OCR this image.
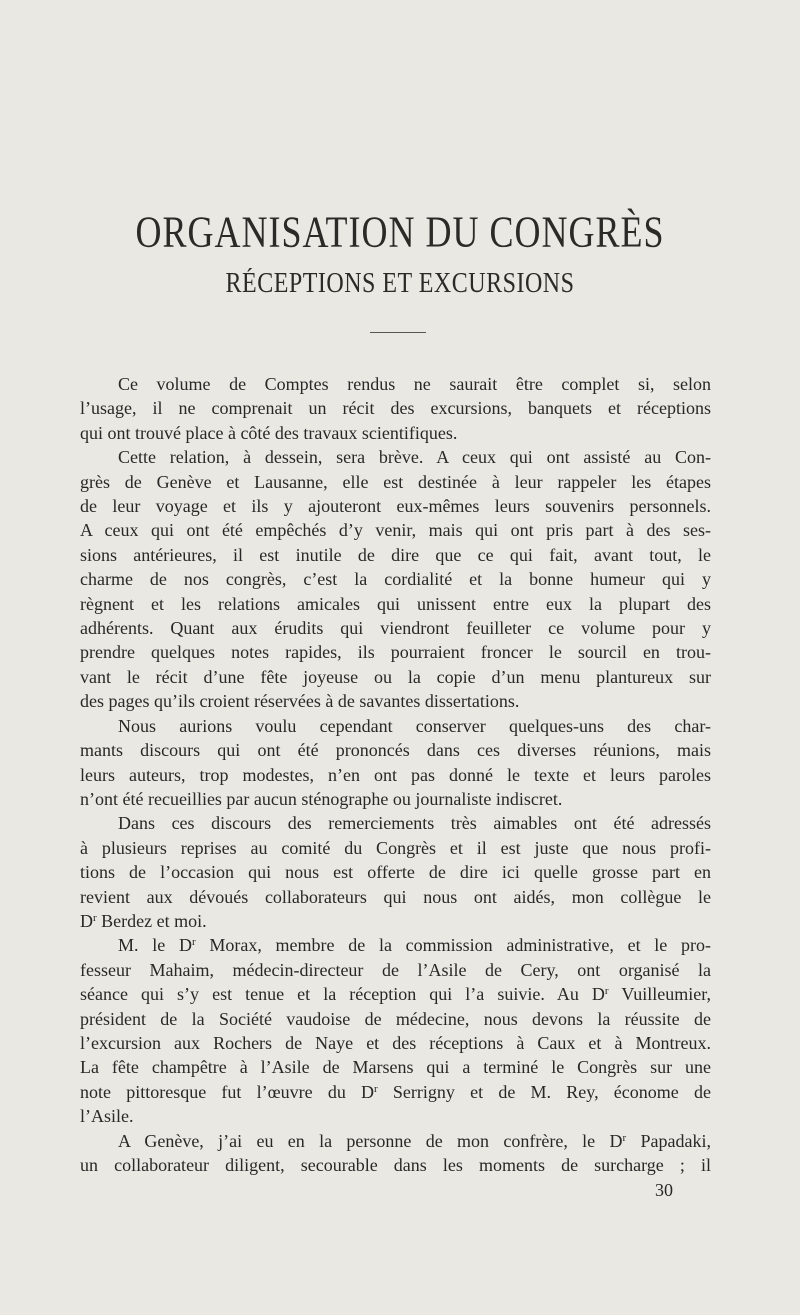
ORGANISATION DU CONGRÈS
RÉCEPTIONS ET EXCURSIONS
Ce volume de Comptes rendus ne saurait être complet si, selon
l’usage, il ne comprenait un récit des excursions, banquets et réceptions
qui ont trouvé place à côté des travaux scientifiques.
Cette relation, à dessein, sera brève. A ceux qui ont assisté au Con-
grès de Genève et Lausanne, elle est destinée à leur rappeler les étapes
de leur voyage et ils y ajouteront eux-mêmes leurs souvenirs personnels.
A ceux qui ont été empêchés d’y venir, mais qui ont pris part à des ses-
sions antérieures, il est inutile de dire que ce qui fait, avant tout, le
charme de nos congrès, c’est la cordialité et la bonne humeur qui y
règnent et les relations amicales qui unissent entre eux la plupart des
adhérents. Quant aux érudits qui viendront feuilleter ce volume pour y
prendre quelques notes rapides, ils pourraient froncer le sourcil en trou-
vant le récit d’une fête joyeuse ou la copie d’un menu plantureux sur
des pages qu’ils croient réservées à de savantes dissertations.
Nous aurions voulu cependant conserver quelques-uns des char-
mants discours qui ont été prononcés dans ces diverses réunions, mais
leurs auteurs, trop modestes, n’en ont pas donné le texte et leurs paroles
n’ont été recueillies par aucun sténographe ou journaliste indiscret.
Dans ces discours des remerciements très aimables ont été adressés
à plusieurs reprises au comité du Congrès et il est juste que nous profi-
tions de l’occasion qui nous est offerte de dire ici quelle grosse part en
revient aux dévoués collaborateurs qui nous ont aidés, mon collègue le
$D^r$ Berdez et moi.
M. le $D^r$ Morax, membre de la commission administrative, et le pro-
fesseur Mahaim, médecin-directeur de l’Asile de Cery, ont organisé la
séance qui s’y est tenue et la réception qui l’a suivie. Au $D^r$ Vuilleumier,
président de la Société vaudoise de médecine, nous devons la réussite de
l’excursion aux Rochers de Naye et des réceptions à Caux et à Montreux.
La fête champêtre à l’Asile de Marsens qui a terminé le Congrès sur une
note pittoresque fut l’œuvre du $D^r$ Serrigny et de M. Rey, économe de
l’Asile.
A Genève, j’ai eu en la personne de mon confrère, le $D^r$ Papadaki,
un collaborateur diligent, secourable dans les moments de surcharge ; il
30
